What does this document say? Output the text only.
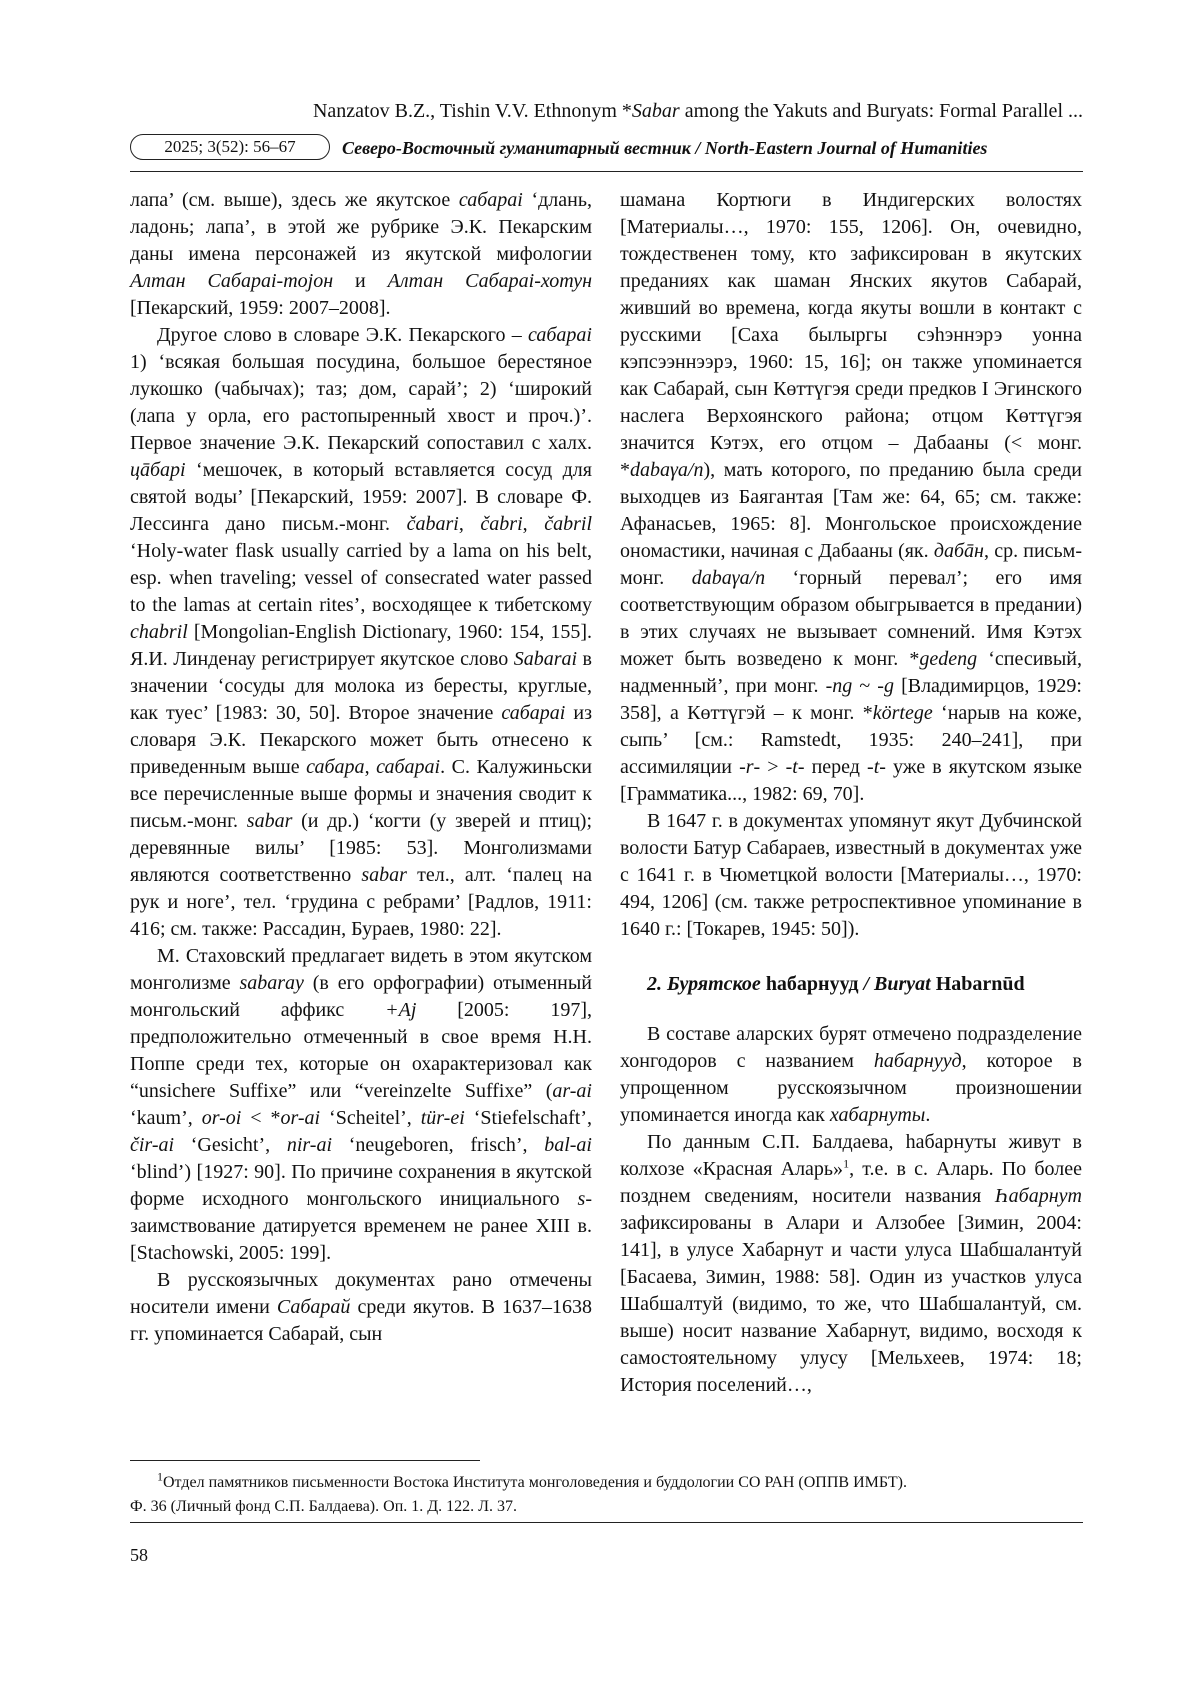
Nanzatov B.Z., Tishin V.V. Ethnonym *Sabar among the Yakuts and Buryats: Formal Parallel ...
2025; 3(52): 56–67	Северо-Восточный гуманитарный вестник / North-Eastern Journal of Humanities

лапа’ (см. выше), здесь же якутское сабараі ‘длань, ладонь; лапа’, в этой же рубрике Э.К. Пекарским даны имена персонажей из якутской мифологии Алтан Сабараі-тојон и Алтан Сабараі-хотун [Пекарский, 1959: 2007–2008].

Другое слово в словаре Э.К. Пекарского – сабараі 1) ‘всякая большая посудина, большое берестяное лукошко (чабычах); таз; дом, сарай’; 2) ‘широкий (лапа у орла, его растопыренный хвост и проч.)’. Первое значение Э.К. Пекарский сопоставил с халх. цāбарі ‘мешочек, в который вставляется сосуд для святой воды’ [Пекарский, 1959: 2007]. В словаре Ф. Лессинга дано письм.-монг. čabari, čabri, čabril ‘Holy-water flask usually carried by a lama on his belt, esp. when traveling; vessel of consecrated water passed to the lamas at certain rites’, восходящее к тибетскому chabril [Mongolian-English Dictionary, 1960: 154, 155]. Я.И. Линденау регистрирует якутское слово Sabarai в значении ‘сосуды для молока из бересты, круглые, как туес’ [1983: 30, 50]. Второе значение сабараі из словаря Э.К. Пекарского может быть отнесено к приведенным выше сабара, сабараі. С. Калужиньски все перечисленные выше формы и значения сводит к письм.-монг. sabar (и др.) ‘когти (у зверей и птиц); деревянные вилы’ [1985: 53]. Монголизмами являются соответственно sabar тел., алт. ‘палец на рук и ноге’, тел. ‘грудина с ребрами’ [Радлов, 1911: 416; см. также: Рассадин, Бураев, 1980: 22].

М. Стаховский предлагает видеть в этом якутском монголизме sabaray (в его орфографии) отыменный монгольский аффикс +Aj [2005: 197], предположительно отмеченный в свое время Н.Н. Поппе среди тех, которые он охарактеризовал как “unsichere Suffixe” или “vereinzelte Suffixe” (ar-ai ‘kaum’, or-oi < *or-ai ‘Scheitel’, tür-ei ‘Stiefelschaft’, čir-ai ‘Gesicht’, nir-ai ‘neugeboren, frisch’, bal-ai ‘blind’) [1927: 90]. По причине сохранения в якутской форме исходного монгольского инициального s- заимствование датируется временем не ранее XIII в. [Stachowski, 2005: 199].

В русскоязычных документах рано отмечены носители имени Сабарай среди якутов. В 1637–1638 гг. упоминается Сабарай, сын

шамана Кортюги в Индигерских волостях [Материалы…, 1970: 155, 1206]. Он, очевидно, тождественен тому, кто зафиксирован в якутских преданиях как шаман Янских якутов Сабарай, живший во времена, когда якуты вошли в контакт с русскими [Саха былыргы сэһэннэрэ уонна кэпсээннээрэ, 1960: 15, 16]; он также упоминается как Сабарай, сын Көттүгэя среди предков I Эгинского наслега Верхоянского района; отцом Көттүгэя значится Кэтэх, его отцом – Дабааны (< монг. *dabaγa/n), мать которого, по преданию была среди выходцев из Баягантая [Там же: 64, 65; см. также: Афанасьев, 1965: 8]. Монгольское происхождение ономастики, начиная с Дабааны (як. дабāн, ср. письм-монг. dabaγa/n ‘горный перевал’; его имя соответствующим образом обыгрывается в предании) в этих случаях не вызывает сомнений. Имя Кэтэх может быть возведено к монг. *gedeng ‘спесивый, надменный’, при монг. -ng ~ -g [Владимирцов, 1929: 358], а Көттүгэй – к монг. *körtege ‘нарыв на коже, сыпь’ [см.: Ramstedt, 1935: 240–241], при ассимиляции -r- > -t- перед -t- уже в якутском языке [Грамматика..., 1982: 69, 70].

В 1647 г. в документах упомянут якут Дубчинской волости Батур Сабараев, известный в документах уже с 1641 г. в Чюметцкой волости [Материалы…, 1970: 494, 1206] (см. также ретроспективное упоминание в 1640 г.: [Токарев, 1945: 50]).

2. Бурятское һабарнууд / Buryat Habarnūd

В составе аларских бурят отмечено подразделение хонгодоров с названием һабарнууд, которое в упрощенном русскоязычном произношении упоминается иногда как хабарнуты.

По данным С.П. Балдаева, һабарнуты живут в колхозе «Красная Аларь»$^1$, т.е. в с. Аларь. По более позднем сведениям, носители названия Һабарнут зафиксированы в Алари и Алзобее [Зимин, 2004: 141], в улусе Хабарнут и части улуса Шабшалантуй [Басаева, Зимин, 1988: 58]. Один из участков улуса Шабшалтуй (видимо, то же, что Шабшалантуй, см. выше) носит название Хабарнут, видимо, восходя к самостоятельному улусу [Мельхеев, 1974: 18; История поселений…,

$^1$Отдел памятников письменности Востока Института монголоведения и буддологии СО РАН (ОППВ ИМБТ).

Ф. 36 (Личный фонд С.П. Балдаева). Оп. 1. Д. 122. Л. 37.

58
